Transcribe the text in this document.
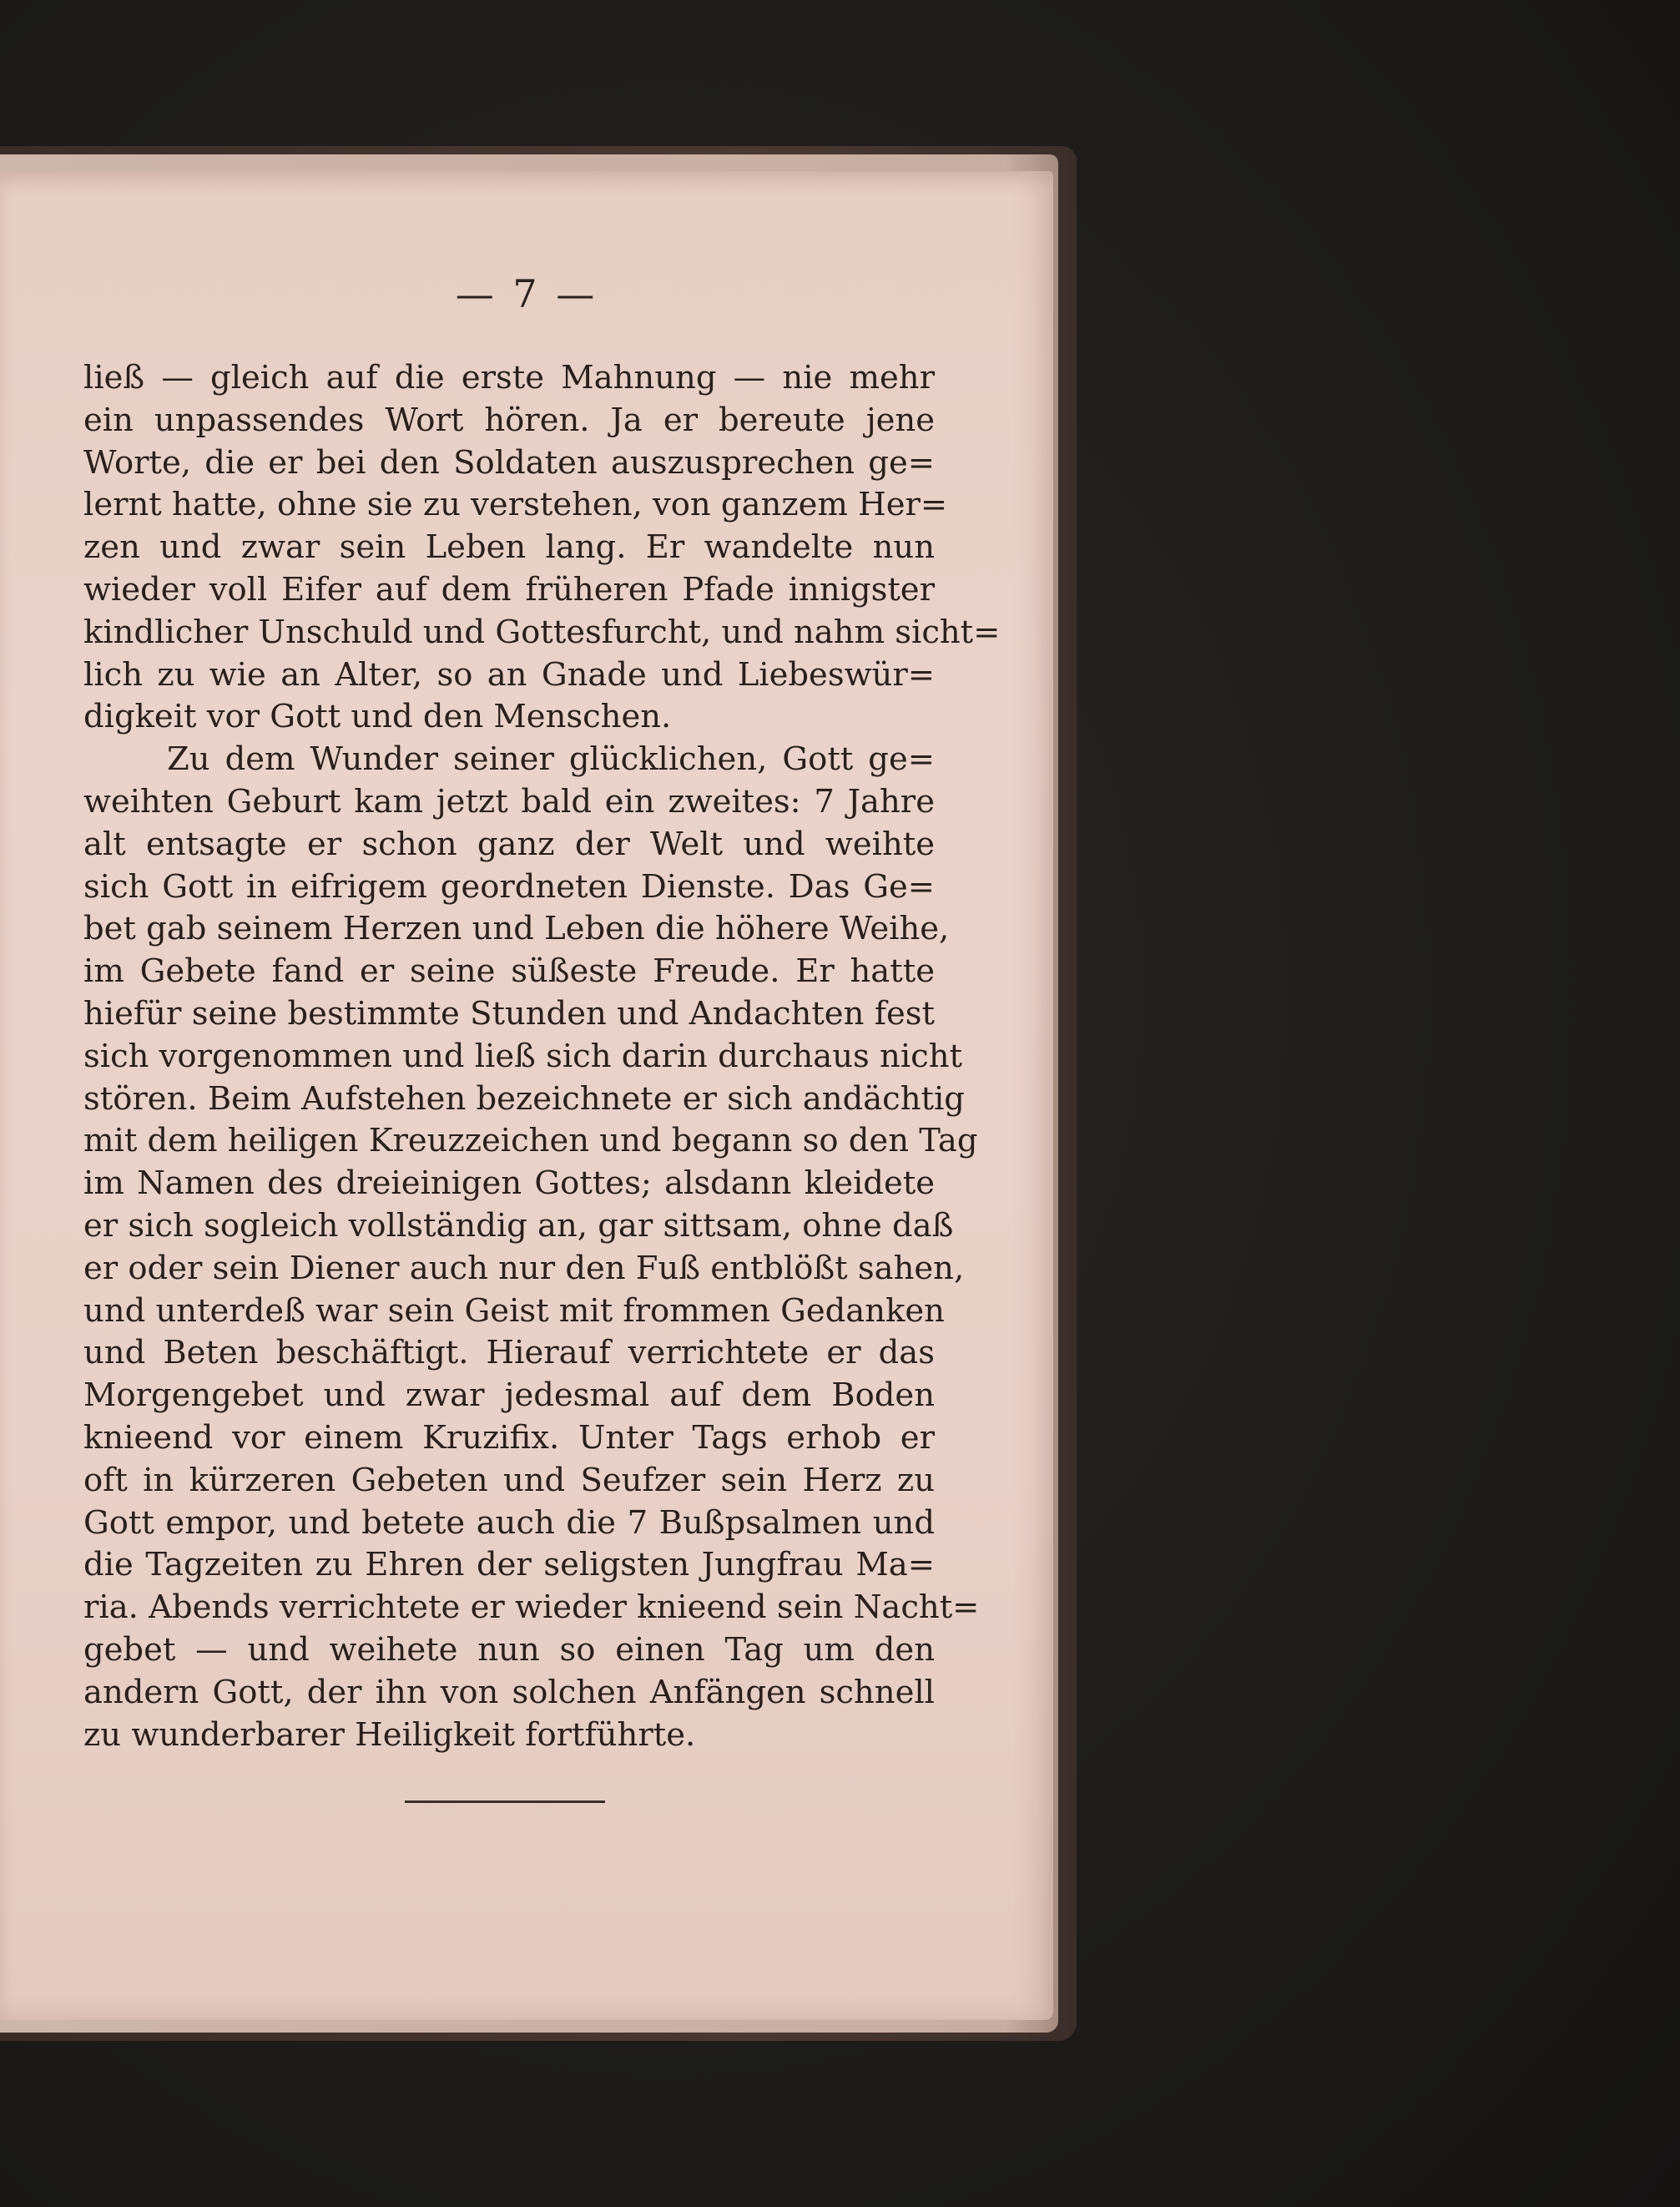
— 7 —
ließ — gleich auf die erste Mahnung — nie mehr
ein unpassendes Wort hören. Ja er bereute jene
Worte, die er bei den Soldaten auszusprechen ge=
lernt hatte, ohne sie zu verstehen, von ganzem Her=
zen und zwar sein Leben lang. Er wandelte nun
wieder voll Eifer auf dem früheren Pfade innigster
kindlicher Unschuld und Gottesfurcht, und nahm sicht=
lich zu wie an Alter, so an Gnade und Liebeswür=
digkeit vor Gott und den Menschen.
Zu dem Wunder seiner glücklichen, Gott ge=
weihten Geburt kam jetzt bald ein zweites: 7 Jahre
alt entsagte er schon ganz der Welt und weihte
sich Gott in eifrigem geordneten Dienste. Das Ge=
bet gab seinem Herzen und Leben die höhere Weihe,
im Gebete fand er seine süßeste Freude. Er hatte
hiefür seine bestimmte Stunden und Andachten fest
sich vorgenommen und ließ sich darin durchaus nicht
stören. Beim Aufstehen bezeichnete er sich andächtig
mit dem heiligen Kreuzzeichen und begann so den Tag
im Namen des dreieinigen Gottes; alsdann kleidete
er sich sogleich vollständig an, gar sittsam, ohne daß
er oder sein Diener auch nur den Fuß entblößt sahen,
und unterdeß war sein Geist mit frommen Gedanken
und Beten beschäftigt. Hierauf verrichtete er das
Morgengebet und zwar jedesmal auf dem Boden
knieend vor einem Kruzifix. Unter Tags erhob er
oft in kürzeren Gebeten und Seufzer sein Herz zu
Gott empor, und betete auch die 7 Bußpsalmen und
die Tagzeiten zu Ehren der seligsten Jungfrau Ma=
ria. Abends verrichtete er wieder knieend sein Nacht=
gebet — und weihete nun so einen Tag um den
andern Gott, der ihn von solchen Anfängen schnell
zu wunderbarer Heiligkeit fortführte.
